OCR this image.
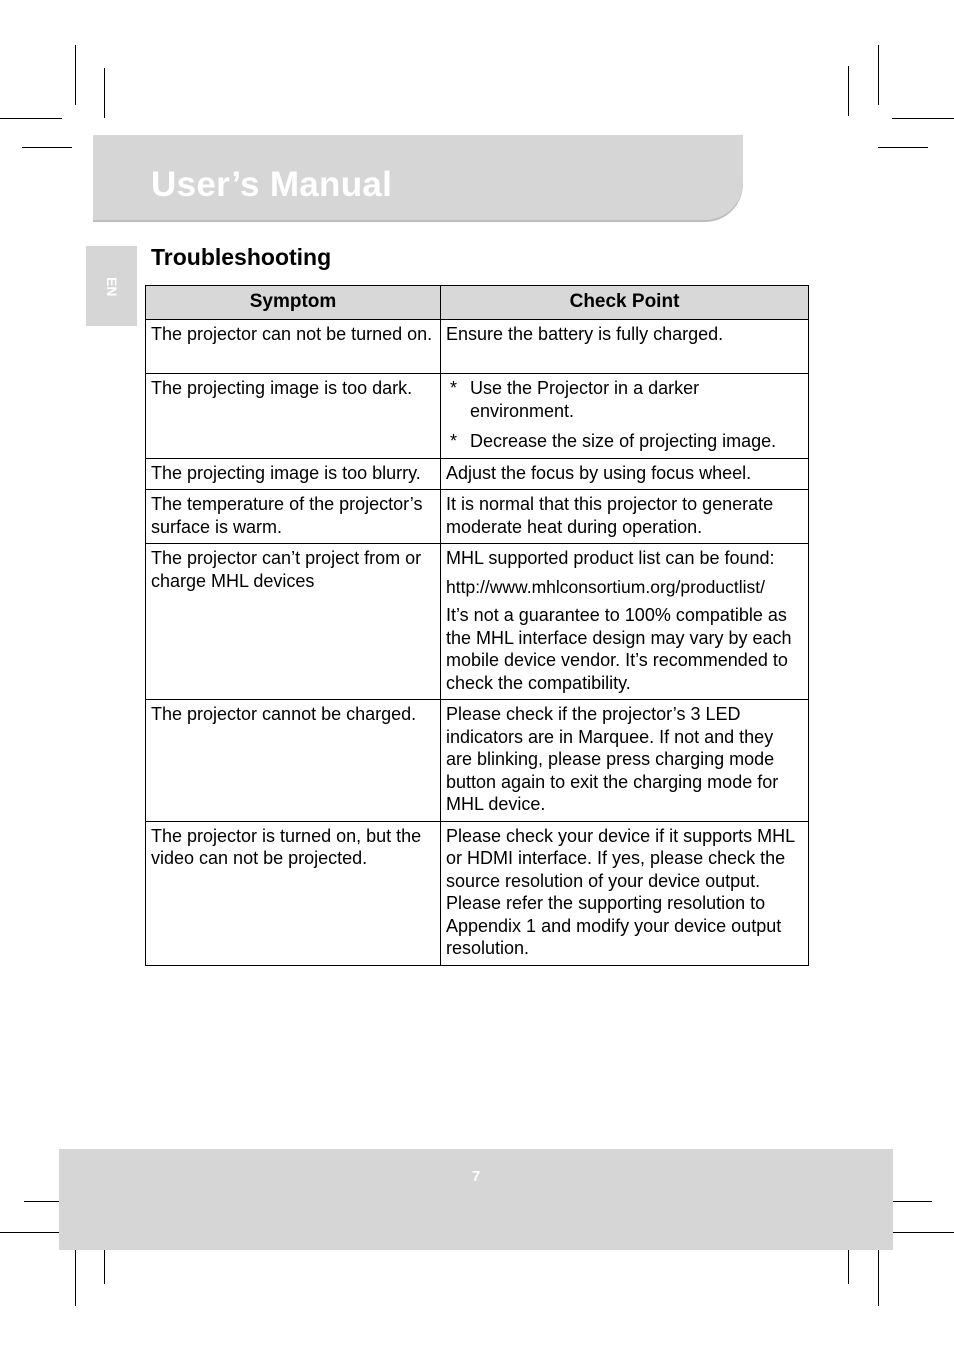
User’s Manual
EN
Troubleshooting
Symptom	Check Point
The projector can not be turned on.	Ensure the battery is fully charged.

The projecting image is too dark.	* Use the Projector in a darker environment.
* Decrease the size of projecting image.

The projecting image is too blurry.	Adjust the focus by using focus wheel.

The temperature of the projector’s surface is warm.	It is normal that this projector to generate moderate heat during operation.

The projector can’t project from or charge MHL devices	MHL supported product list can be found:
http://www.mhlconsortium.org/productlist/
It’s not a guarantee to 100% compatible as the MHL interface design may vary by each mobile device vendor. It’s recommended to check the compatibility.

The projector cannot be charged.	Please check if the projector’s 3 LED indicators are in Marquee. If not and they are blinking, please press charging mode button again to exit the charging mode for MHL device.

The projector is turned on, but the video can not be projected.	Please check your device if it supports MHL or HDMI interface. If yes, please check the source resolution of your device output. Please refer the supporting resolution to Appendix 1 and modify your device output resolution.
7
